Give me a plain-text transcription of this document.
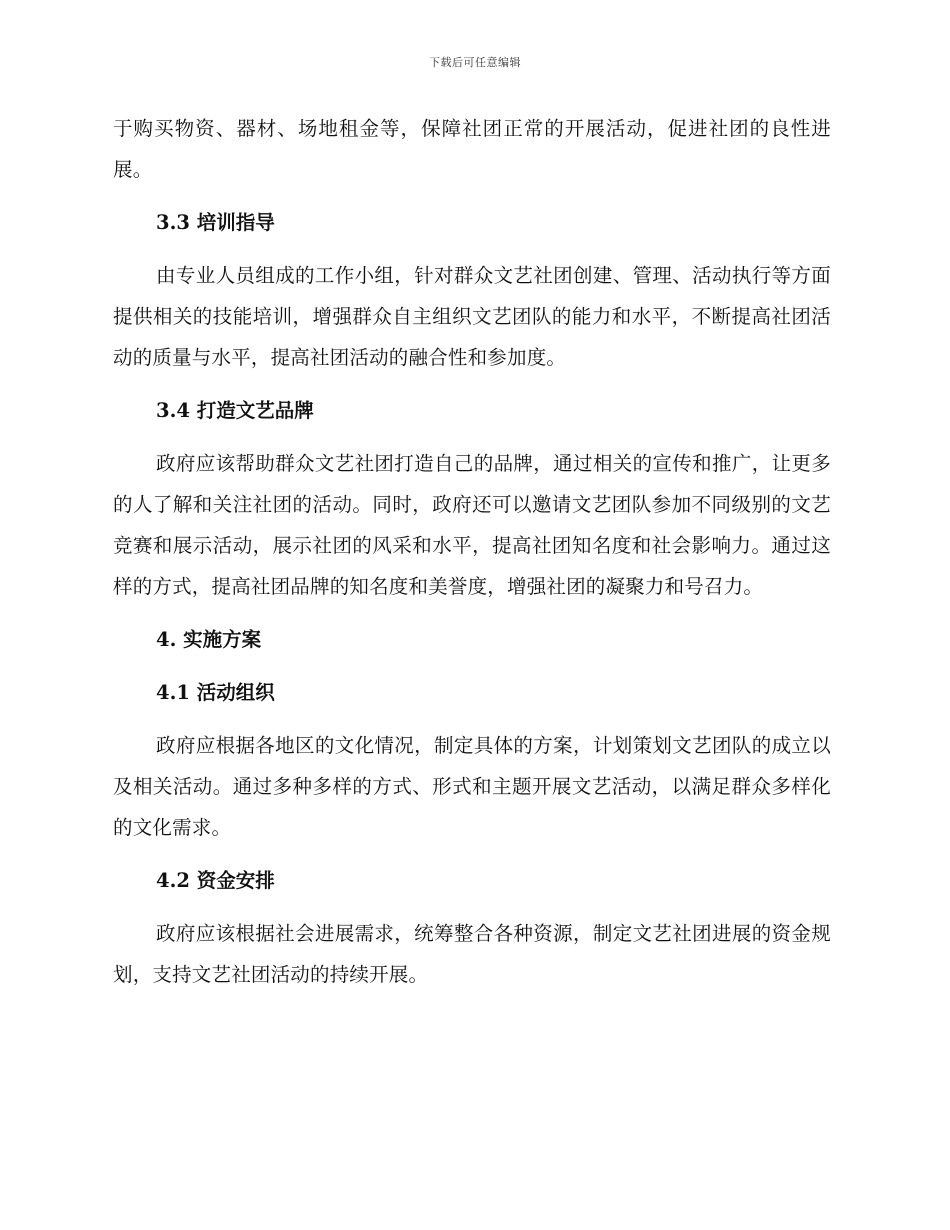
下载后可任意编辑

于购买物资、器材、场地租金等，保障社团正常的开展活动，促进社团的良性进展。

3.3 培训指导

由专业人员组成的工作小组，针对群众文艺社团创建、管理、活动执行等方面提供相关的技能培训，增强群众自主组织文艺团队的能力和水平，不断提高社团活动的质量与水平，提高社团活动的融合性和参加度。

3.4 打造文艺品牌

政府应该帮助群众文艺社团打造自己的品牌，通过相关的宣传和推广，让更多的人了解和关注社团的活动。同时，政府还可以邀请文艺团队参加不同级别的文艺竞赛和展示活动，展示社团的风采和水平，提高社团知名度和社会影响力。通过这样的方式，提高社团品牌的知名度和美誉度，增强社团的凝聚力和号召力。

4. 实施方案
4.1 活动组织

政府应根据各地区的文化情况，制定具体的方案，计划策划文艺团队的成立以及相关活动。通过多种多样的方式、形式和主题开展文艺活动，以满足群众多样化的文化需求。

4.2 资金安排

政府应该根据社会进展需求，统筹整合各种资源，制定文艺社团进展的资金规划，支持文艺社团活动的持续开展。
